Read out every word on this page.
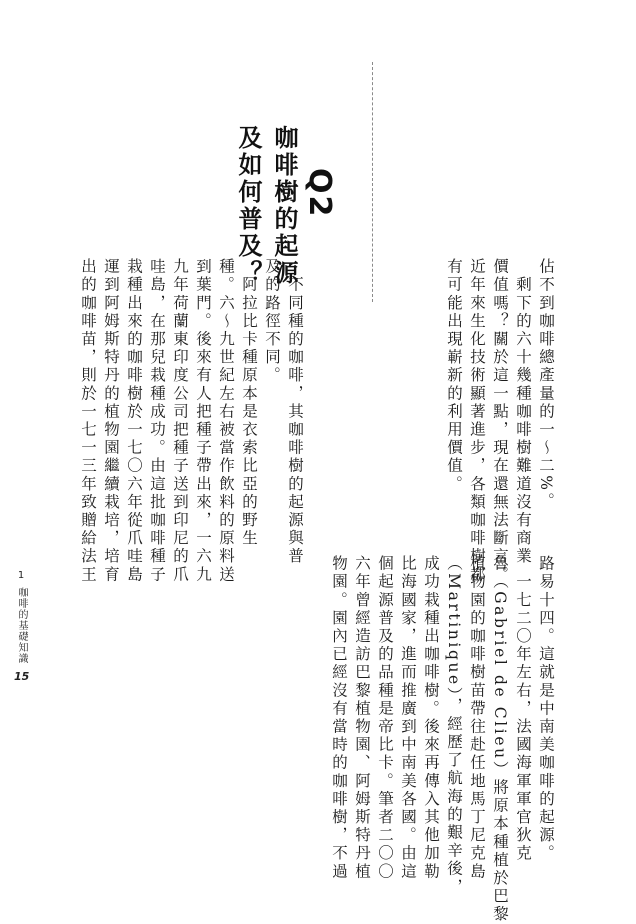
Q2
咖啡樹的起源
及如何普及？

佔不到咖啡總產量的一～二%。

　剩下的六十幾種咖啡樹難道沒有商業

價值嗎？關於這一點，現在還無法斷言。

近年來生化技術顯著進步，各類咖啡樹都

有可能出現嶄新的利用價值。

　不同種的咖啡，其咖啡樹的起源與普

及的路徑不同。

　阿拉比卡種原本是衣索比亞的野生

種。六～九世紀左右被當作飲料的原料送

到葉門。後來有人把種子帶出來，一六九

九年荷蘭東印度公司把種子送到印尼的爪

哇島，在那兒栽種成功。由這批咖啡種子

栽種出來的咖啡樹於一七〇六年從爪哇島

運到阿姆斯特丹的植物園繼續栽培，培育

出的咖啡苗，則於一七一三年致贈給法王

路易十四。這就是中南美咖啡的起源。

　一七二〇年左右，法國海軍軍官狄克

魯（Gabriel de Clieu）將原本種植於巴黎

植物園的咖啡樹苗帶往赴任地馬丁尼克島

（Martinique），經歷了航海的艱辛後，

成功栽種出咖啡樹。後來再傳入其他加勒

比海國家，進而推廣到中南美各國。由這

個起源普及的品種是帝比卡。筆者二〇〇

六年曾經造訪巴黎植物園、阿姆斯特丹植

物園。園內已經沒有當時的咖啡樹，不過

1
咖啡的基礎知識
15
